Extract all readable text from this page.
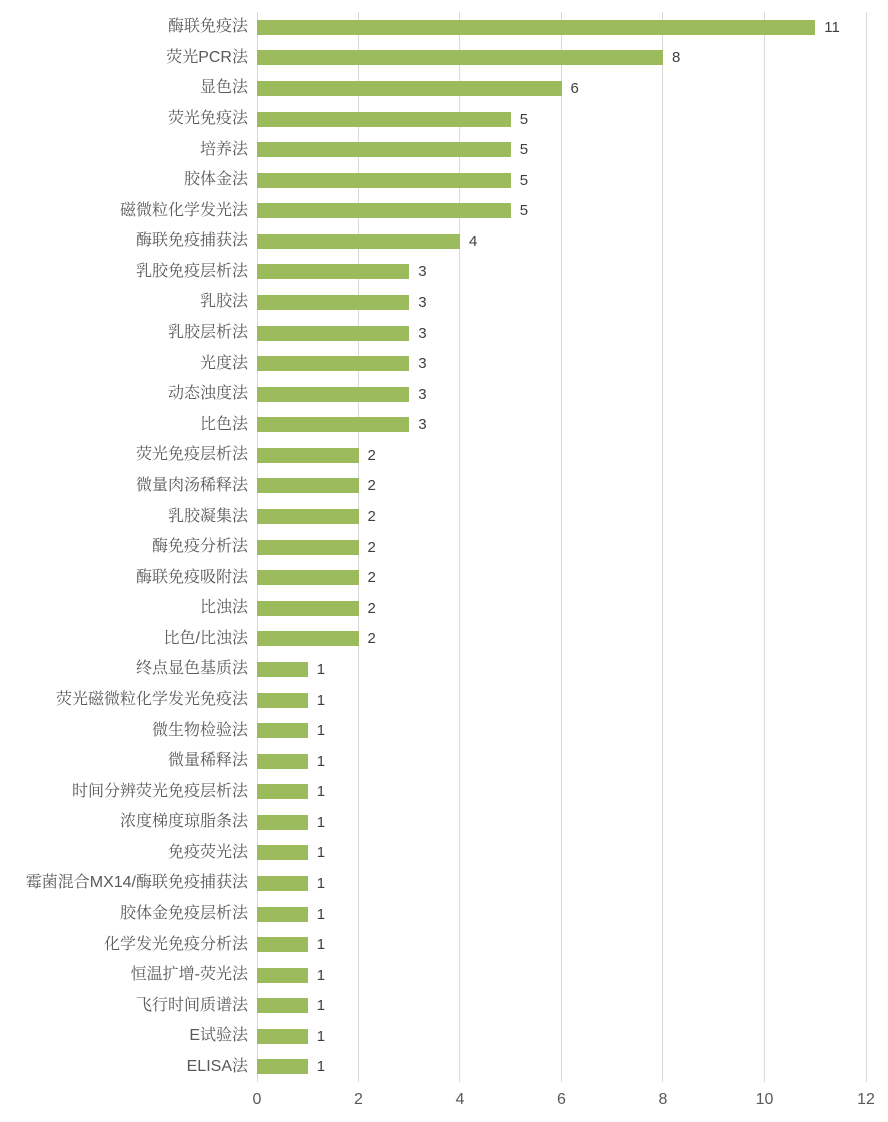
酶联免疫法	11
荧光PCR法	8
显色法	6
荧光免疫法	5
培养法	5
胶体金法	5
磁微粒化学发光法	5
酶联免疫捕获法	4
乳胶免疫层析法	3
乳胶法	3
乳胶层析法	3
光度法	3
动态浊度法	3
比色法	3
荧光免疫层析法	2
微量肉汤稀释法	2
乳胶凝集法	2
酶免疫分析法	2
酶联免疫吸附法	2
比浊法	2
比色/比浊法	2
终点显色基质法	1
荧光磁微粒化学发光免疫法	1
微生物检验法	1
微量稀释法	1
时间分辨荧光免疫层析法	1
浓度梯度琼脂条法	1
免疫荧光法	1
霉菌混合MX14/酶联免疫捕获法	1
胶体金免疫层析法	1
化学发光免疫分析法	1
恒温扩增-荧光法	1
飞行时间质谱法	1
E试验法	1
ELISA法	1
0	2	4	6	8	10	12
